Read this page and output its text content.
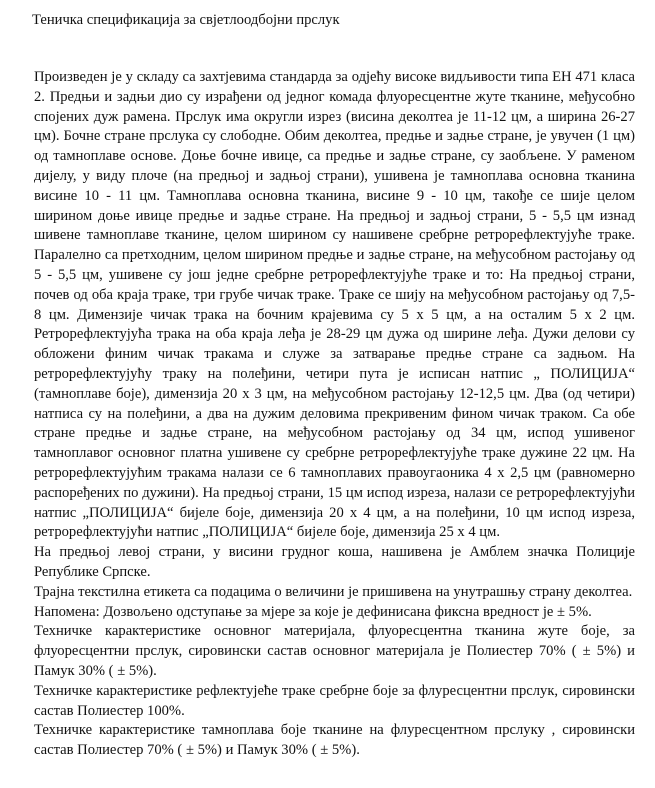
Теничка спецификација за свјетлоодбојни прслук

Произведен је у складу са захтјевима стандарда за одјећу високе видљивости типа ЕН 471 класа 2. Предњи и задњи дио су израђени од једног комада флуоресцентне жуте тканине, међусобно спојених дуж рамена. Прслук има округли изрез (висина деколтеа је 11-12 цм, а ширина 26-27 цм). Бочне стране прслука су слободне. Обим деколтеа, предње и задње стране, је увучен (1 цм) од тамноплаве основе. Доње бочне ивице, са предње и задње стране, су заобљене. У раменом дијелу, у виду плоче (на предњој и задњој страни), ушивена је тамноплава основна тканина висине 10 - 11 цм. Тамноплава основна тканина, висине 9 - 10 цм, такође се шије целом ширином доње ивице предње и задње стране. На предњој и задњој страни, 5 - 5,5 цм изнад шивене тамноплаве тканине, целом ширином су нашивене сребрне ретрорефлектујуће траке. Паралелно са претходним, целом ширином предње и задње стране, на међусобном растојању од 5 - 5,5 цм, ушивене су још једне сребрне ретрорефлектујуће траке и то: На предњој страни, почев од оба краја траке, три грубе чичак траке. Траке се шију на међусобном растојању од 7,5-8 цм. Димензије чичак трака на бочним крајевима су 5 х 5 цм, а на осталим 5 х 2 цм. Ретрорефлектујућа трака на оба краја леђа је 28-29 цм дужа од ширине леђа. Дужи делови су обложени финим чичак тракама и служе за затварање предње стране са задњом. На ретрорефлектујућу траку на полеђини, четири пута је исписан натпис „ ПОЛИЦИЈА“ (тамноплаве боје), димензија 20 х 3 цм, на међусобном растојању 12-12,5 цм. Два (од четири) натписа су на полеђини, а два на дужим деловима прекривеним фином чичак траком. Са обе стране предње и задње стране, на међусобном растојању од 34 цм, испод ушивеног тамноплавог основног платна ушивене су сребрне ретрорефлектујуће траке дужине 22 цм. На ретрорефлектујућим тракама налази се 6 тамноплавих правоугаоника 4 х 2,5 цм (равномерно распоређених по дужини). На предњој страни, 15 цм испод изреза, налази се ретрорефлектујући натпис „ПОЛИЦИЈА“ бијеле боје, димензија 20 х 4 цм, а на полеђини, 10 цм испод изреза, ретрорефлектујући натпис „ПОЛИЦИЈА“ бијеле боје, димензија 25 х 4 цм.

На предњој левој страни, у висини грудног коша, нашивена је Амблем значка Полиције Републике Српске.

Трајна текстилна етикета са подацима о величини је пришивена на унутрашњу страну деколтеа.

Напомена: Дозвољено одступање за мјере за које је дефинисана фиксна вредност је ± 5%.

Техничке карактеристике основног материјала, флуоресцентна тканина жуте боје, за флуоресцентни прслук, сировински састав основног материјала је Полиестер 70% ( ± 5%) и Памук 30% ( ± 5%).

Техничке карактеристике рефлектујеће траке сребрне боје за флуресцентни прслук, сировински састав Полиестер 100%.

Техничке карактеристике тамноплава боје тканине на флуресцентном прслуку , сировински састав Полиестер 70% ( ± 5%) и Памук 30% ( ± 5%).
